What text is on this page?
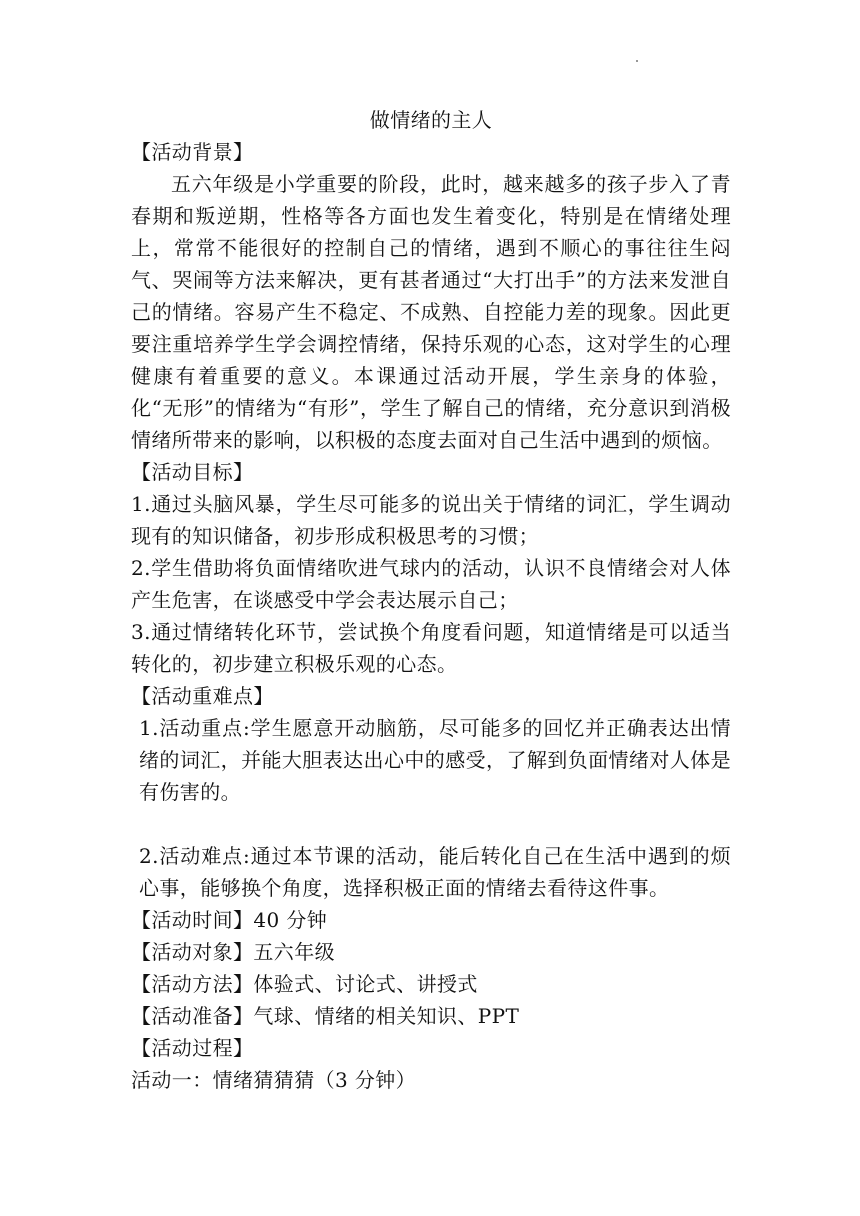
做情绪的主人

【活动背景】

五六年级是小学重要的阶段，此时，越来越多的孩子步入了青春期和叛逆期，性格等各方面也发生着变化，特别是在情绪处理上，常常不能很好的控制自己的情绪，遇到不顺心的事往往生闷气、哭闹等方法来解决，更有甚者通过“大打出手”的方法来发泄自己的情绪。容易产生不稳定、不成熟、自控能力差的现象。因此更要注重培养学生学会调控情绪，保持乐观的心态，这对学生的心理健康有着重要的意义。本课通过活动开展，学生亲身的体验，化“无形”的情绪为“有形”，学生了解自己的情绪，充分意识到消极情绪所带来的影响，以积极的态度去面对自己生活中遇到的烦恼。

【活动目标】

1.通过头脑风暴，学生尽可能多的说出关于情绪的词汇，学生调动现有的知识储备，初步形成积极思考的习惯；

2.学生借助将负面情绪吹进气球内的活动，认识不良情绪会对人体产生危害，在谈感受中学会表达展示自己；

3.通过情绪转化环节，尝试换个角度看问题，知道情绪是可以适当转化的，初步建立积极乐观的心态。

【活动重难点】

1.活动重点:学生愿意开动脑筋，尽可能多的回忆并正确表达出情绪的词汇，并能大胆表达出心中的感受，了解到负面情绪对人体是有伤害的。

2.活动难点:通过本节课的活动，能后转化自己在生活中遇到的烦心事，能够换个角度，选择积极正面的情绪去看待这件事。

【活动时间】40 分钟

【活动对象】五六年级

【活动方法】体验式、讨论式、讲授式

【活动准备】气球、情绪的相关知识、PPT

【活动过程】

活动一：情绪猜猜猜（3 分钟）
